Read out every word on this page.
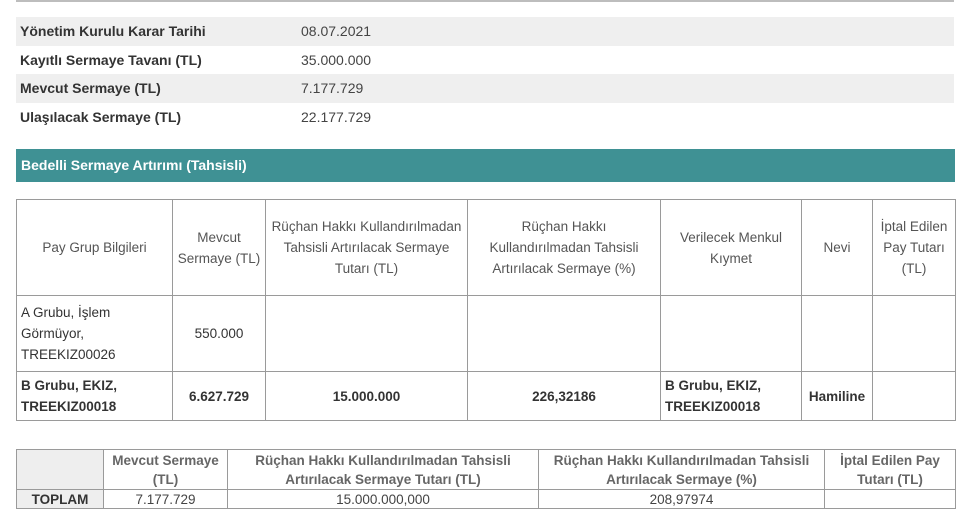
Yönetim Kurulu Karar Tarihi	08.07.2021
Kayıtlı Sermaye Tavanı (TL)	35.000.000
Mevcut Sermaye (TL)	7.177.729
Ulaşılacak Sermaye (TL)	22.177.729
Bedelli Sermaye Artırımı (Tahsisli)
Pay Grup Bilgileri	Mevcut Sermaye (TL)	Rüçhan Hakkı Kullandırılmadan Tahsisli Artırılacak Sermaye Tutarı (TL)	Rüçhan Hakkı Kullandırılmadan Tahsisli Artırılacak Sermaye (%)	Verilecek Menkul Kıymet	Nevi	İptal Edilen Pay Tutarı (TL)
A Grubu, İşlem Görmüyor, TREEKIZ00026	550.000					
B Grubu, EKIZ, TREEKIZ00018	6.627.729	15.000.000	226,32186	B Grubu, EKIZ, TREEKIZ00018	Hamiline	
	Mevcut Sermaye (TL)	Rüçhan Hakkı Kullandırılmadan Tahsisli Artırılacak Sermaye Tutarı (TL)	Rüçhan Hakkı Kullandırılmadan Tahsisli Artırılacak Sermaye (%)	İptal Edilen Pay Tutarı (TL)
TOPLAM	7.177.729	15.000.000,000	208,97974	
